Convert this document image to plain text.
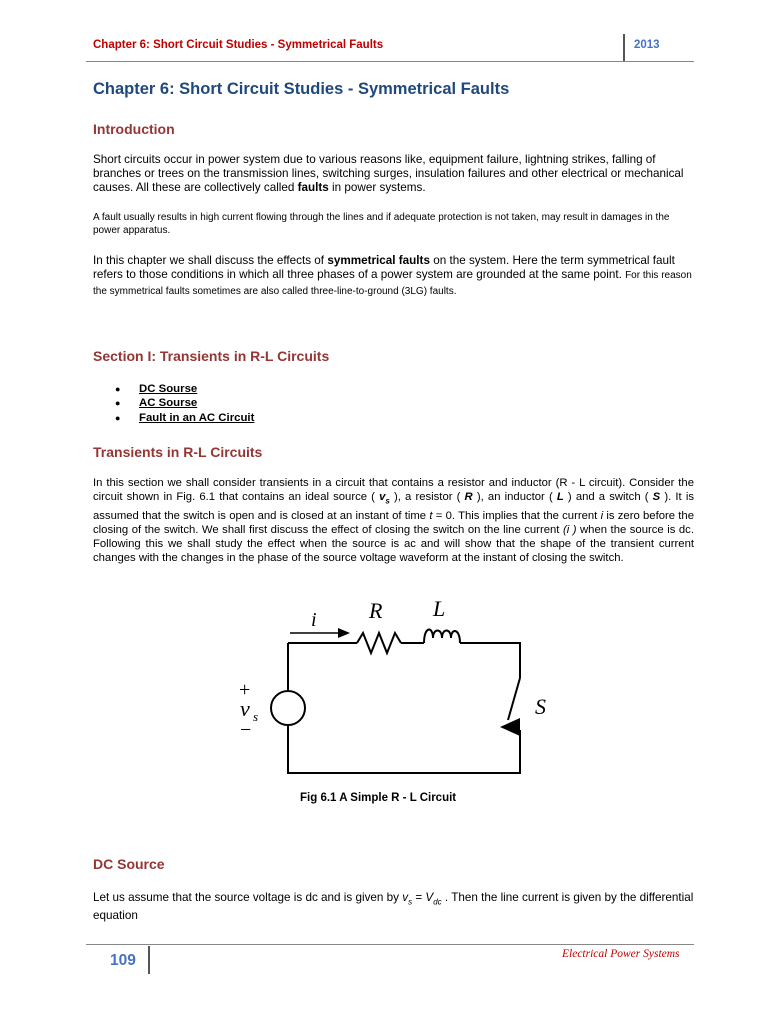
Chapter 6: Short Circuit Studies - Symmetrical Faults	2013
Chapter 6: Short Circuit Studies - Symmetrical Faults
Introduction

Short circuits occur in power system due to various reasons like, equipment failure, lightning strikes, falling of branches or trees on the transmission lines, switching surges, insulation failures and other electrical or mechanical causes. All these are collectively called faults in power systems.

A fault usually results in high current flowing through the lines and if adequate protection is not taken, may result in damages in the power apparatus.

In this chapter we shall discuss the effects of symmetrical faults on the system. Here the term symmetrical fault refers to those conditions in which all three phases of a power system are grounded at the same point. For this reason the symmetrical faults sometimes are also called three-line-to-ground (3LG) faults.

Section I: Transients in R-L Circuits
● DC Sourse
● AC Sourse
● Fault in an AC Circuit
Transients in R-L Circuits

In this section we shall consider transients in a circuit that contains a resistor and inductor (R - L circuit). Consider the circuit shown in Fig. 6.1 that contains an ideal source ( $v_s$ ), a resistor ( R ), an inductor ( L ) and a switch ( S ). It is assumed that the switch is open and is closed at an instant of time t = 0. This implies that the current i is zero before the closing of the switch. We shall first discuss the effect of closing the switch on the line current (i ) when the source is dc. Following this we shall study the effect when the source is ac and will show that the shape of the transient current changes with the changes in the phase of the source voltage waveform at the instant of closing the switch.

i R L
+
v s
−
S
Fig 6.1 A Simple R - L Circuit
DC Source

Let us assume that the source voltage is dc and is given by $v_s = V_{dc}$ . Then the line current is given by the differential equation

109	Electrical Power Systems
